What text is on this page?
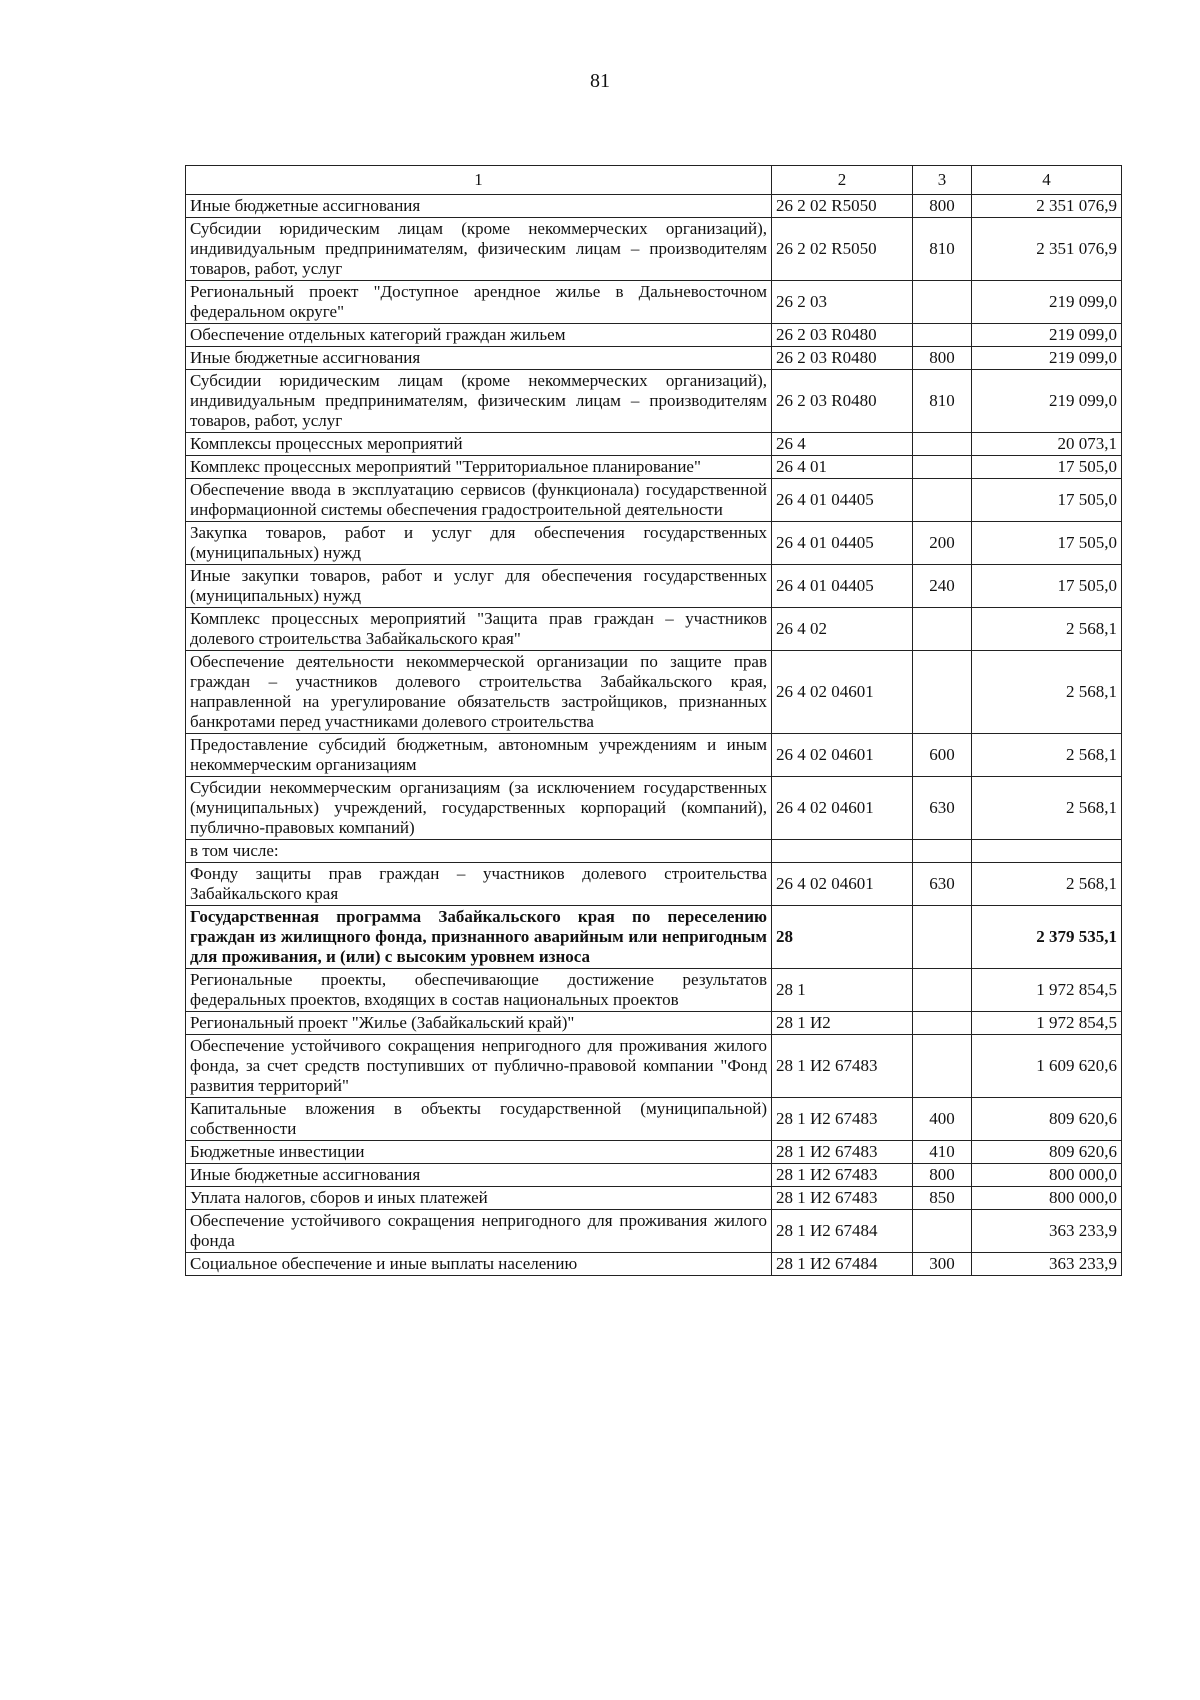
81
1	2	3	4
Иные бюджетные ассигнования	26 2 02 R5050	800	2 351 076,9
Субсидии юридическим лицам (кроме некоммерческих организаций), индивидуальным предпринимателям, физическим лицам – производителям товаров, работ, услуг	26 2 02 R5050	810	2 351 076,9
Региональный проект "Доступное арендное жилье в Дальневосточном федеральном округе"	26 2 03		219 099,0
Обеспечение отдельных категорий граждан жильем	26 2 03 R0480		219 099,0
Иные бюджетные ассигнования	26 2 03 R0480	800	219 099,0
Субсидии юридическим лицам (кроме некоммерческих организаций), индивидуальным предпринимателям, физическим лицам – производителям товаров, работ, услуг	26 2 03 R0480	810	219 099,0
Комплексы процессных мероприятий	26 4		20 073,1
Комплекс процессных мероприятий "Территориальное планирование"	26 4 01		17 505,0
Обеспечение ввода в эксплуатацию сервисов (функционала) государственной информационной системы обеспечения градостроительной деятельности	26 4 01 04405		17 505,0
Закупка товаров, работ и услуг для обеспечения государственных (муниципальных) нужд	26 4 01 04405	200	17 505,0
Иные закупки товаров, работ и услуг для обеспечения государственных (муниципальных) нужд	26 4 01 04405	240	17 505,0
Комплекс процессных мероприятий "Защита прав граждан – участников долевого строительства Забайкальского края"	26 4 02		2 568,1
Обеспечение деятельности некоммерческой организации по защите прав граждан – участников долевого строительства Забайкальского края, направленной на урегулирование обязательств застройщиков, признанных банкротами перед участниками долевого строительства	26 4 02 04601		2 568,1
Предоставление субсидий бюджетным, автономным учреждениям и иным некоммерческим организациям	26 4 02 04601	600	2 568,1
Субсидии некоммерческим организациям (за исключением государственных (муниципальных) учреждений, государственных корпораций (компаний), публично-правовых компаний)	26 4 02 04601	630	2 568,1
в том числе:			
Фонду защиты прав граждан – участников долевого строительства Забайкальского края	26 4 02 04601	630	2 568,1
Государственная программа Забайкальского края по переселению граждан из жилищного фонда, признанного аварийным или непригодным для проживания, и (или) с высоким уровнем износа	28		2 379 535,1
Региональные проекты, обеспечивающие достижение результатов федеральных проектов, входящих в состав национальных проектов	28 1		1 972 854,5
Региональный проект "Жилье (Забайкальский край)"	28 1 И2		1 972 854,5
Обеспечение устойчивого сокращения непригодного для проживания жилого фонда, за счет средств поступивших от публично-правовой компании "Фонд развития территорий"	28 1 И2 67483		1 609 620,6
Капитальные вложения в объекты государственной (муниципальной) собственности	28 1 И2 67483	400	809 620,6
Бюджетные инвестиции	28 1 И2 67483	410	809 620,6
Иные бюджетные ассигнования	28 1 И2 67483	800	800 000,0
Уплата налогов, сборов и иных платежей	28 1 И2 67483	850	800 000,0
Обеспечение устойчивого сокращения непригодного для проживания жилого фонда	28 1 И2 67484		363 233,9
Социальное обеспечение и иные выплаты населению	28 1 И2 67484	300	363 233,9
